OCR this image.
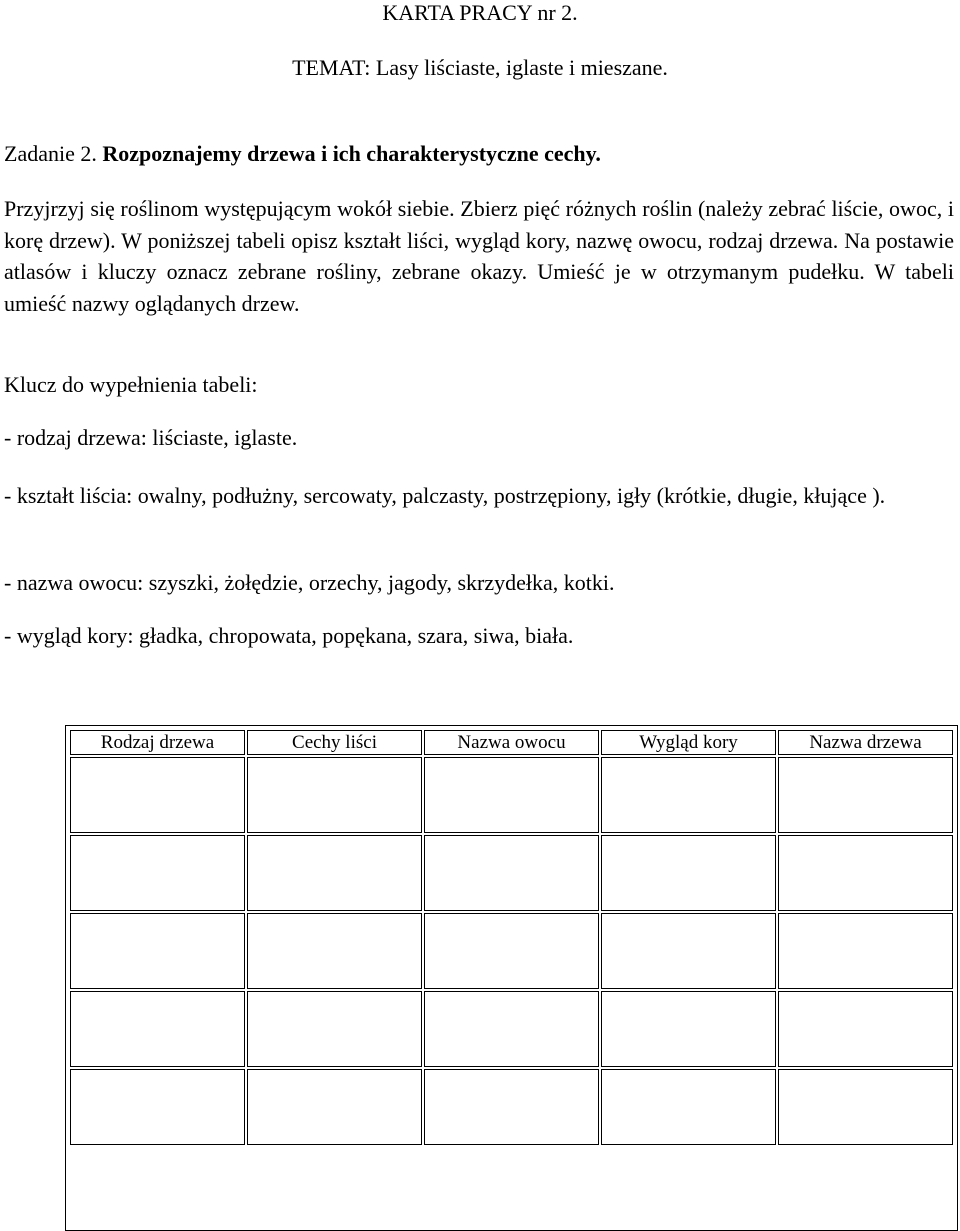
KARTA PRACY nr 2.
TEMAT: Lasy liściaste, iglaste i mieszane.
Zadanie 2. Rozpoznajemy drzewa i ich charakterystyczne cechy.
Przyjrzyj się roślinom występującym wokół siebie. Zbierz pięć różnych roślin (należy zebrać liście, owoc, i korę drzew). W poniższej tabeli opisz kształt liści, wygląd kory, nazwę owocu, rodzaj drzewa. Na postawie atlasów i kluczy oznacz zebrane rośliny, zebrane okazy. Umieść je w otrzymanym pudełku. W tabeli umieść nazwy oglądanych drzew.
Klucz do wypełnienia tabeli:
- rodzaj drzewa: liściaste, iglaste.
- kształt liścia: owalny, podłużny, sercowaty, palczasty, postrzępiony, igły (krótkie, długie, kłujące ).
- nazwa owocu: szyszki, żołędzie, orzechy, jagody, skrzydełka, kotki.
- wygląd kory: gładka, chropowata, popękana, szara, siwa, biała.
Rodzaj drzewa	Cechy liści	Nazwa owocu	Wygląd kory	Nazwa drzewa
